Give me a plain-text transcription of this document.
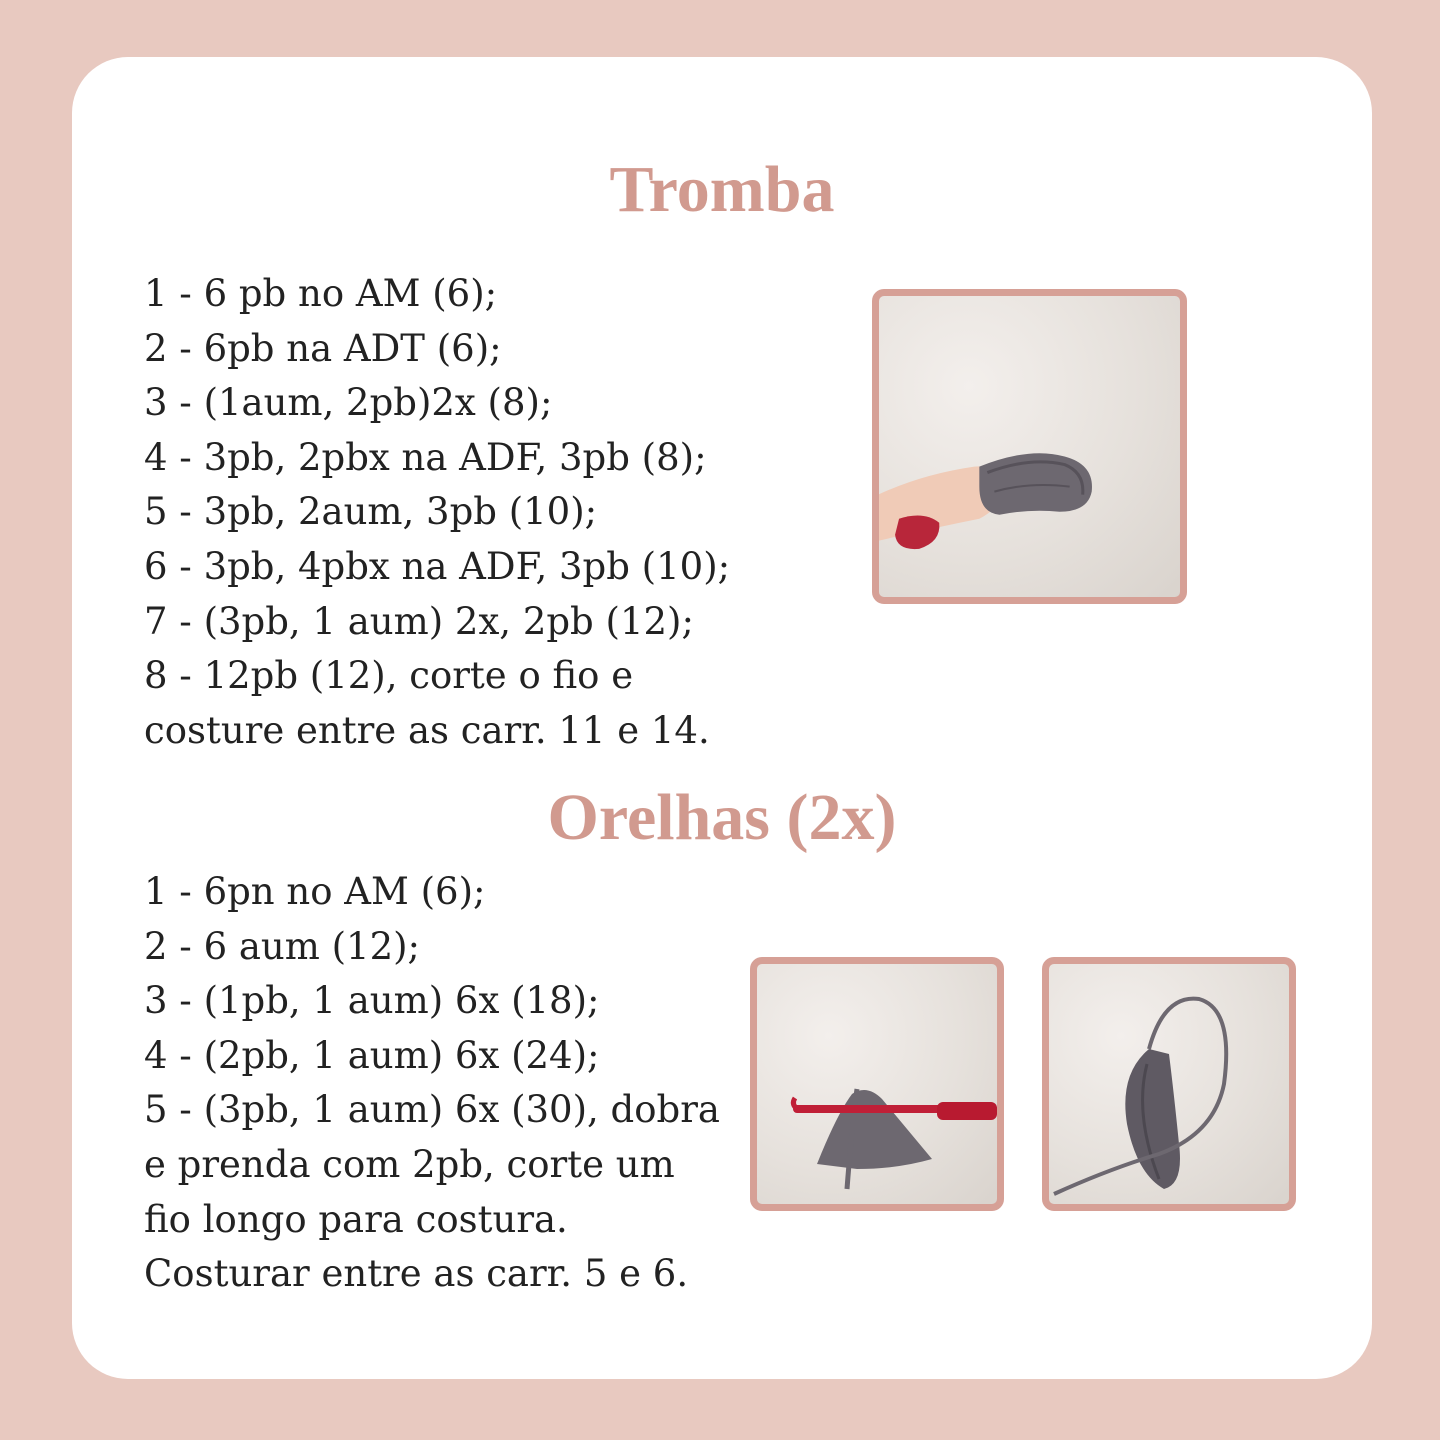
Tromba
1 - 6 pb no AM (6);
2 - 6pb na ADT (6);
3 - (1aum, 2pb)2x (8);
4 - 3pb, 2pbx na ADF, 3pb (8);
5 - 3pb, 2aum, 3pb (10);
6 - 3pb, 4pbx na ADF, 3pb (10);
7 - (3pb, 1 aum) 2x, 2pb (12);
8 - 12pb (12), corte o fio e
costure entre as carr. 11 e 14.
Orelhas (2x)
1 - 6pn no AM (6);
2 - 6 aum (12);
3 - (1pb, 1 aum) 6x (18);
4 - (2pb, 1 aum) 6x (24);
5 - (3pb, 1 aum) 6x (30), dobra
e prenda com 2pb, corte um
fio longo para costura.
Costurar entre as carr. 5 e 6.
